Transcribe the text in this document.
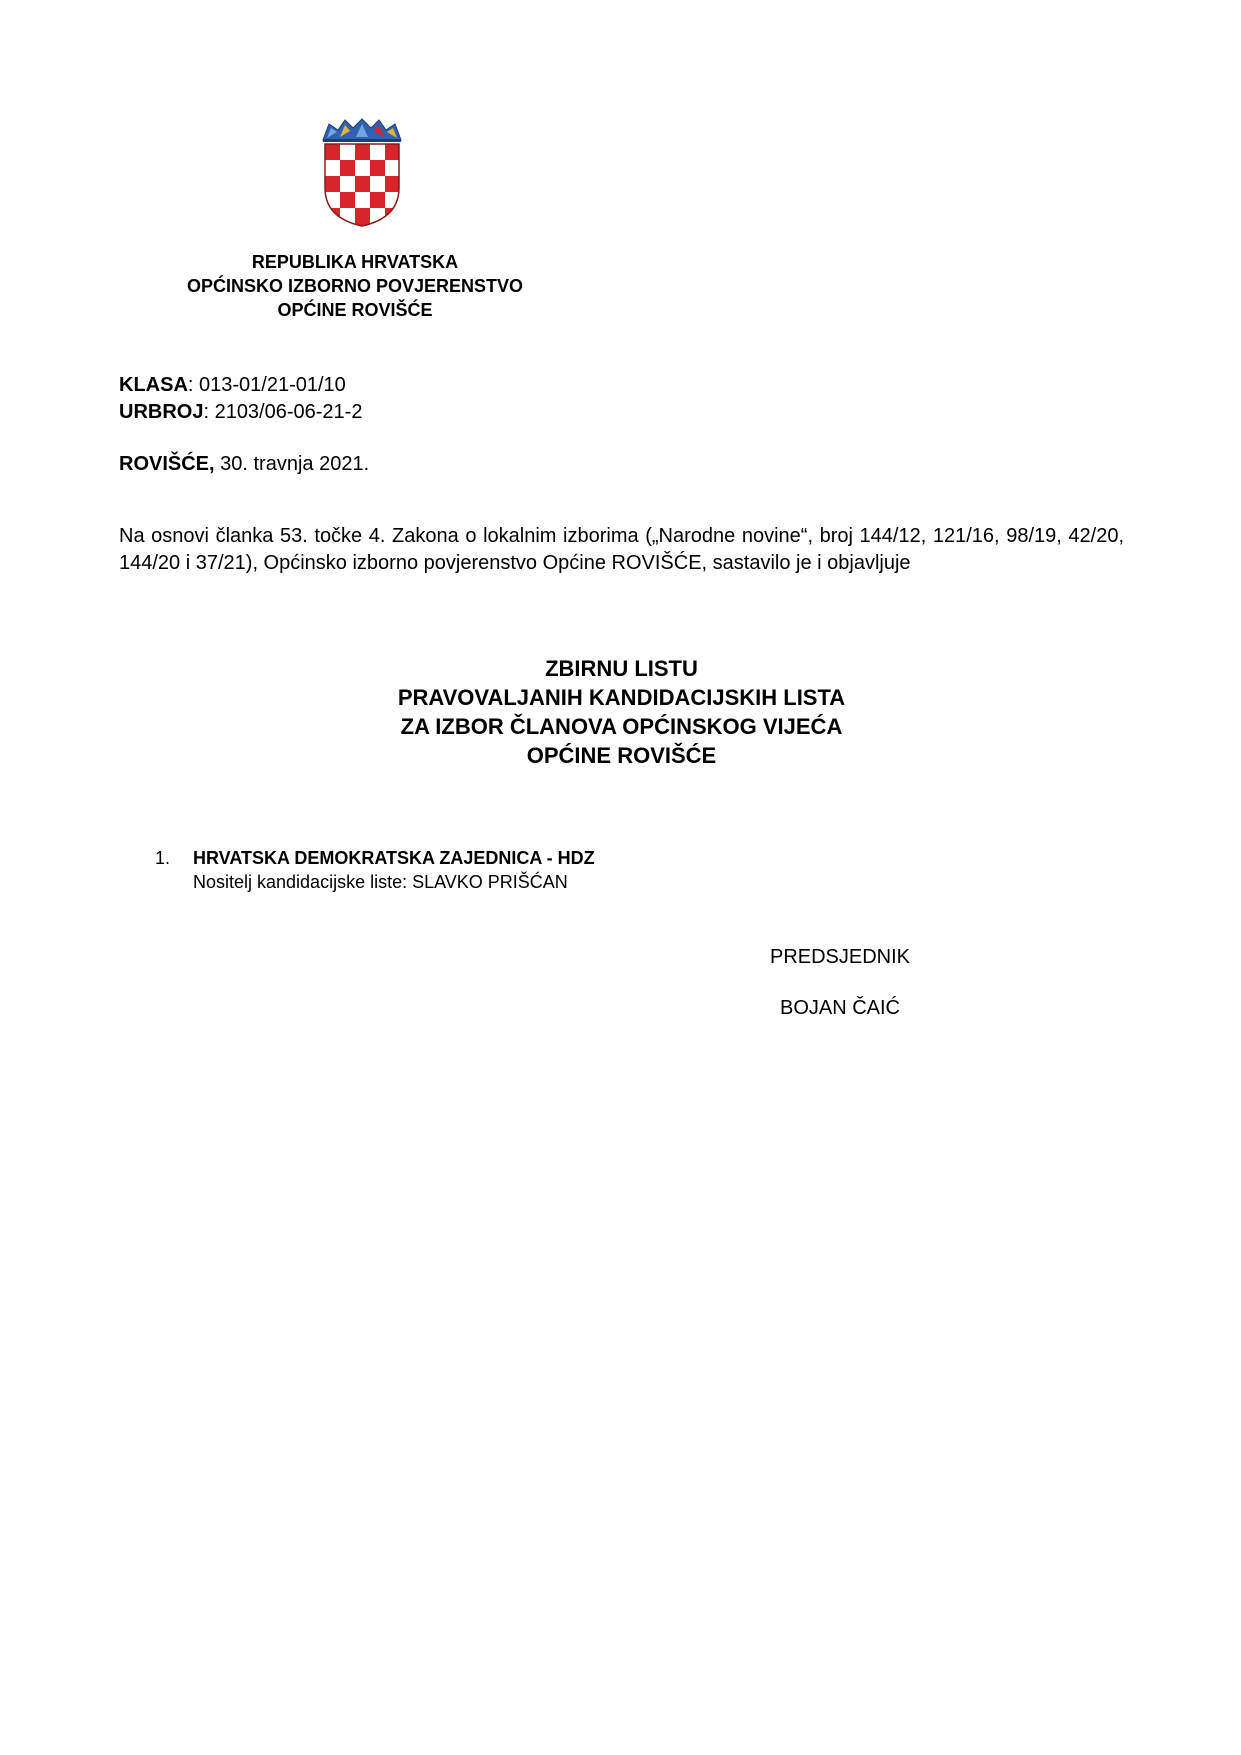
REPUBLIKA HRVATSKA
OPĆINSKO IZBORNO POVJERENSTVO
OPĆINE ROVIŠĆE
KLASA: 013-01/21-01/10
URBROJ: 2103/06-06-21-2
ROVIŠĆE, 30. travnja 2021.
Na osnovi članka 53. točke 4. Zakona o lokalnim izborima („Narodne novine“, broj 144/12, 121/16, 98/19, 42/20, 144/20 i 37/21), Općinsko izborno povjerenstvo Općine ROVIŠĆE, sastavilo je i objavljuje
ZBIRNU LISTU
PRAVOVALJANIH KANDIDACIJSKIH LISTA
ZA IZBOR ČLANOVA OPĆINSKOG VIJEĆA
OPĆINE ROVIŠĆE
1.	HRVATSKA DEMOKRATSKA ZAJEDNICA - HDZ
Nositelj kandidacijske liste: SLAVKO PRIŠĆAN
PREDSJEDNIK
BOJAN ČAIĆ
